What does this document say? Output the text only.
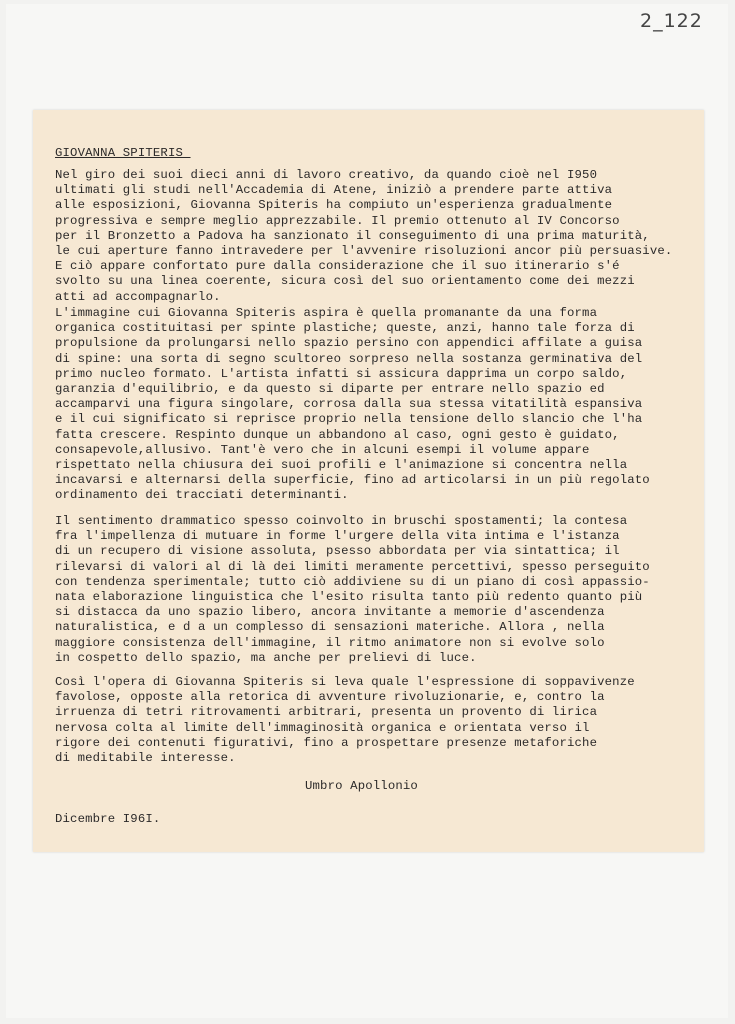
2_122

GIOVANNA SPITERIS

Nel giro dei suoi dieci anni di lavoro creativo, da quando cioè nel I950
ultimati gli studi nell'Accademia di Atene, iniziò a prendere parte attiva
alle esposizioni, Giovanna Spiteris ha compiuto un'esperienza gradualmente
progressiva e sempre meglio apprezzabile. Il premio ottenuto al IV Concorso
per il Bronzetto a Padova ha sanzionato il conseguimento di una prima maturità,
le cui aperture fanno intravedere per l'avvenire risoluzioni ancor più persuasive.
E ciò appare confortato pure dalla considerazione che il suo itinerario s'é
svolto su una linea coerente, sicura così del suo orientamento come dei mezzi
atti ad accompagnarlo.

L'immagine cui Giovanna Spiteris aspira è quella promanante da una forma
organica costituitasi per spinte plastiche; queste, anzi, hanno tale forza di
propulsione da prolungarsi nello spazio persino con appendici affilate a guisa
di spine: una sorta di segno scultoreo sorpreso nella sostanza germinativa del
primo nucleo formato. L'artista infatti si assicura dapprima un corpo saldo,
garanzia d'equilibrio, e da questo si diparte per entrare nello spazio ed
accamparvi una figura singolare, corrosa dalla sua stessa vitatilità espansiva
e il cui significato si reprisce proprio nella tensione dello slancio che l'ha
fatta crescere. Respinto dunque un abbandono al caso, ogni gesto è guidato,
consapevole,allusivo. Tant'è vero che in alcuni esempi il volume appare
rispettato nella chiusura dei suoi profili e l'animazione si concentra nella
incavarsi e alternarsi della superficie, fino ad articolarsi in un più regolato
ordinamento dei tracciati determinanti.

Il sentimento drammatico spesso coinvolto in bruschi spostamenti; la contesa
fra l'impellenza di mutuare in forme l'urgere della vita intima e l'istanza
di un recupero di visione assoluta, psesso abbordata per via sintattica; il
rilevarsi di valori al di là dei limiti meramente percettivi, spesso perseguito
con tendenza sperimentale; tutto ciò addiviene su di un piano di così appassio-
nata elaborazione linguistica che l'esito risulta tanto più redento quanto più
si distacca da uno spazio libero, ancora invitante a memorie d'ascendenza
naturalistica, e d a un complesso di sensazioni materiche. Allora , nella
maggiore consistenza dell'immagine, il ritmo animatore non si evolve solo
in cospetto dello spazio, ma anche per prelievi di luce.

Così l'opera di Giovanna Spiteris si leva quale l'espressione di soppavivenze
favolose, opposte alla retorica di avventure rivoluzionarie, e, contro la
irruenza di tetri ritrovamenti arbitrari, presenta un provento di lirica
nervosa colta al limite dell'immaginosità organica e orientata verso il
rigore dei contenuti figurativi, fino a prospettare presenze metaforiche
di meditabile interesse.

Umbro Apollonio

Dicembre I96I.
